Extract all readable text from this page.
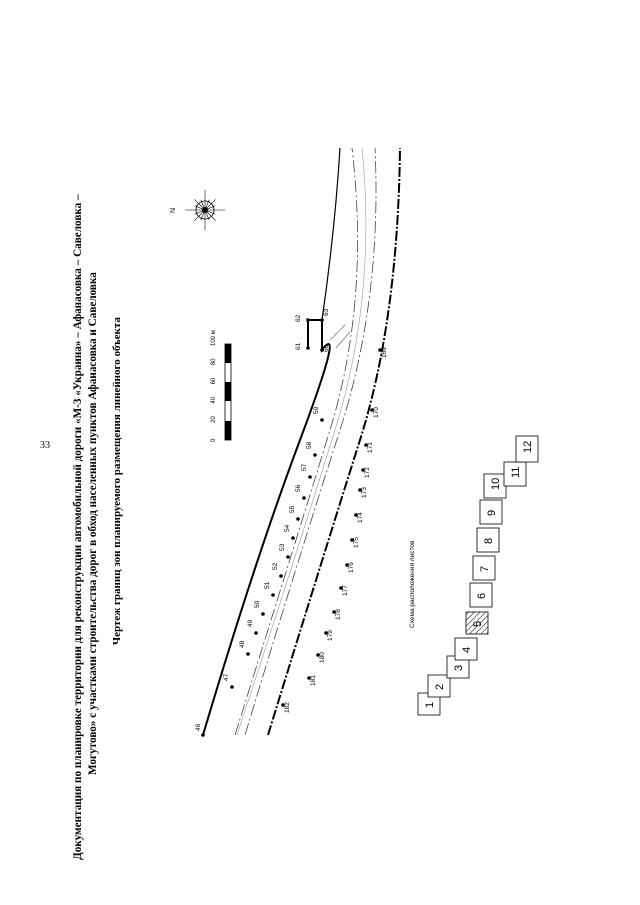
33 Документация по планировке территории для реконструкции автомобильной дороги «М-3 «Украина» – Афанасовка – Савеловка – Могутово» с участками строительства дорог в обход населенных пунктов Афанасовка и Савеловка Чертеж границ зон планируемого размещения линейного объекта
46
47
48
49
50
51
52
53
54
55
56
57
58
59
60
61
62
63
169
170
171
172
173
174
175
176
177
178
179
180
181
182
N
0
20
40
60
80
100 м
Схема расположения листов
1
2
3
4
5
6
7
8
9
10
11
12
